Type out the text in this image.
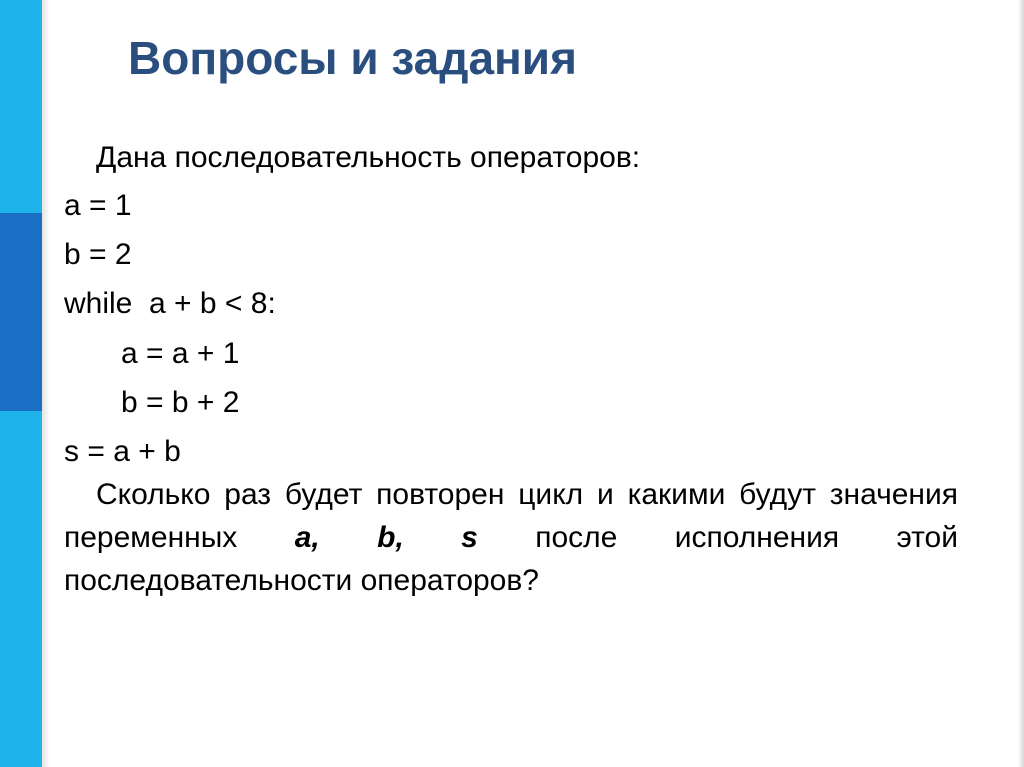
Вопросы и задания

Дана последовательность операторов:

a = 1

b = 2

while  a + b < 8:

a = a + 1

b = b + 2

s = a + b

Сколько раз будет повторен цикл и какими будут значения переменных a, b, s после исполнения этой последовательности операторов?
